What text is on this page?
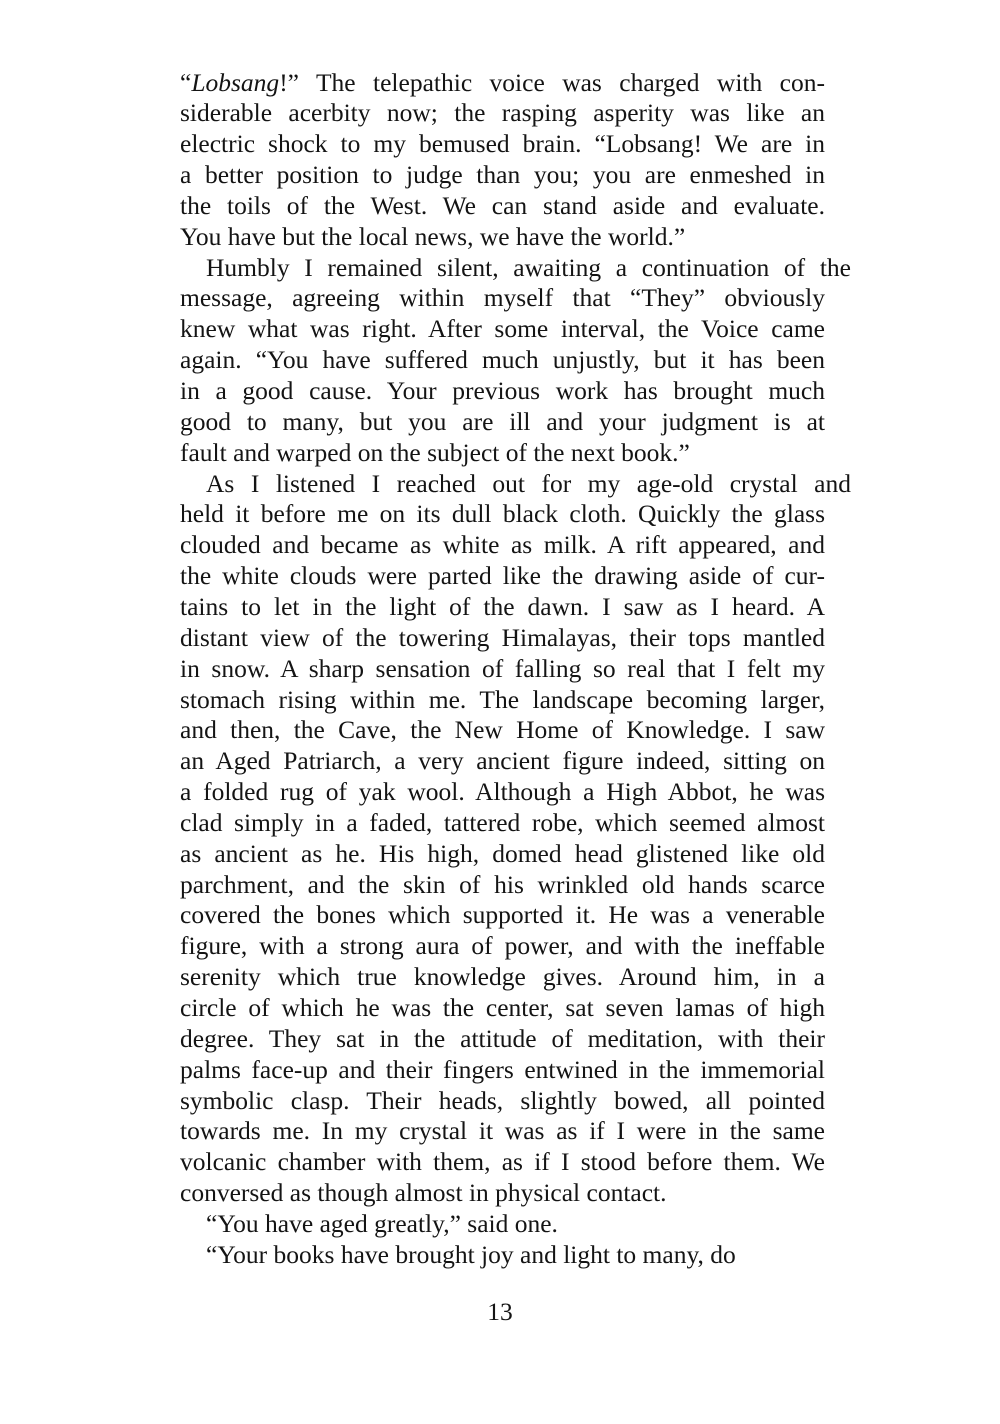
“Lobsang!” The telepathic voice was charged with con-
siderable acerbity now; the rasping asperity was like an
electric shock to my bemused brain. “Lobsang! We are in
a better position to judge than you; you are enmeshed in
the toils of the West. We can stand aside and evaluate.
You have but the local news, we have the world.”
Humbly I remained silent, awaiting a continuation of the
message, agreeing within myself that “They” obviously
knew what was right. After some interval, the Voice came
again. “You have suffered much unjustly, but it has been
in a good cause. Your previous work has brought much
good to many, but you are ill and your judgment is at
fault and warped on the subject of the next book.”
As I listened I reached out for my age-old crystal and
held it before me on its dull black cloth. Quickly the glass
clouded and became as white as milk. A rift appeared, and
the white clouds were parted like the drawing aside of cur-
tains to let in the light of the dawn. I saw as I heard. A
distant view of the towering Himalayas, their tops mantled
in snow. A sharp sensation of falling so real that I felt my
stomach rising within me. The landscape becoming larger,
and then, the Cave, the New Home of Knowledge. I saw
an Aged Patriarch, a very ancient figure indeed, sitting on
a folded rug of yak wool. Although a High Abbot, he was
clad simply in a faded, tattered robe, which seemed almost
as ancient as he. His high, domed head glistened like old
parchment, and the skin of his wrinkled old hands scarce
covered the bones which supported it. He was a venerable
figure, with a strong aura of power, and with the ineffable
serenity which true knowledge gives. Around him, in a
circle of which he was the center, sat seven lamas of high
degree. They sat in the attitude of meditation, with their
palms face-up and their fingers entwined in the immemorial
symbolic clasp. Their heads, slightly bowed, all pointed
towards me. In my crystal it was as if I were in the same
volcanic chamber with them, as if I stood before them. We
conversed as though almost in physical contact.
“You have aged greatly,” said one.
“Your books have brought joy and light to many, do
13
